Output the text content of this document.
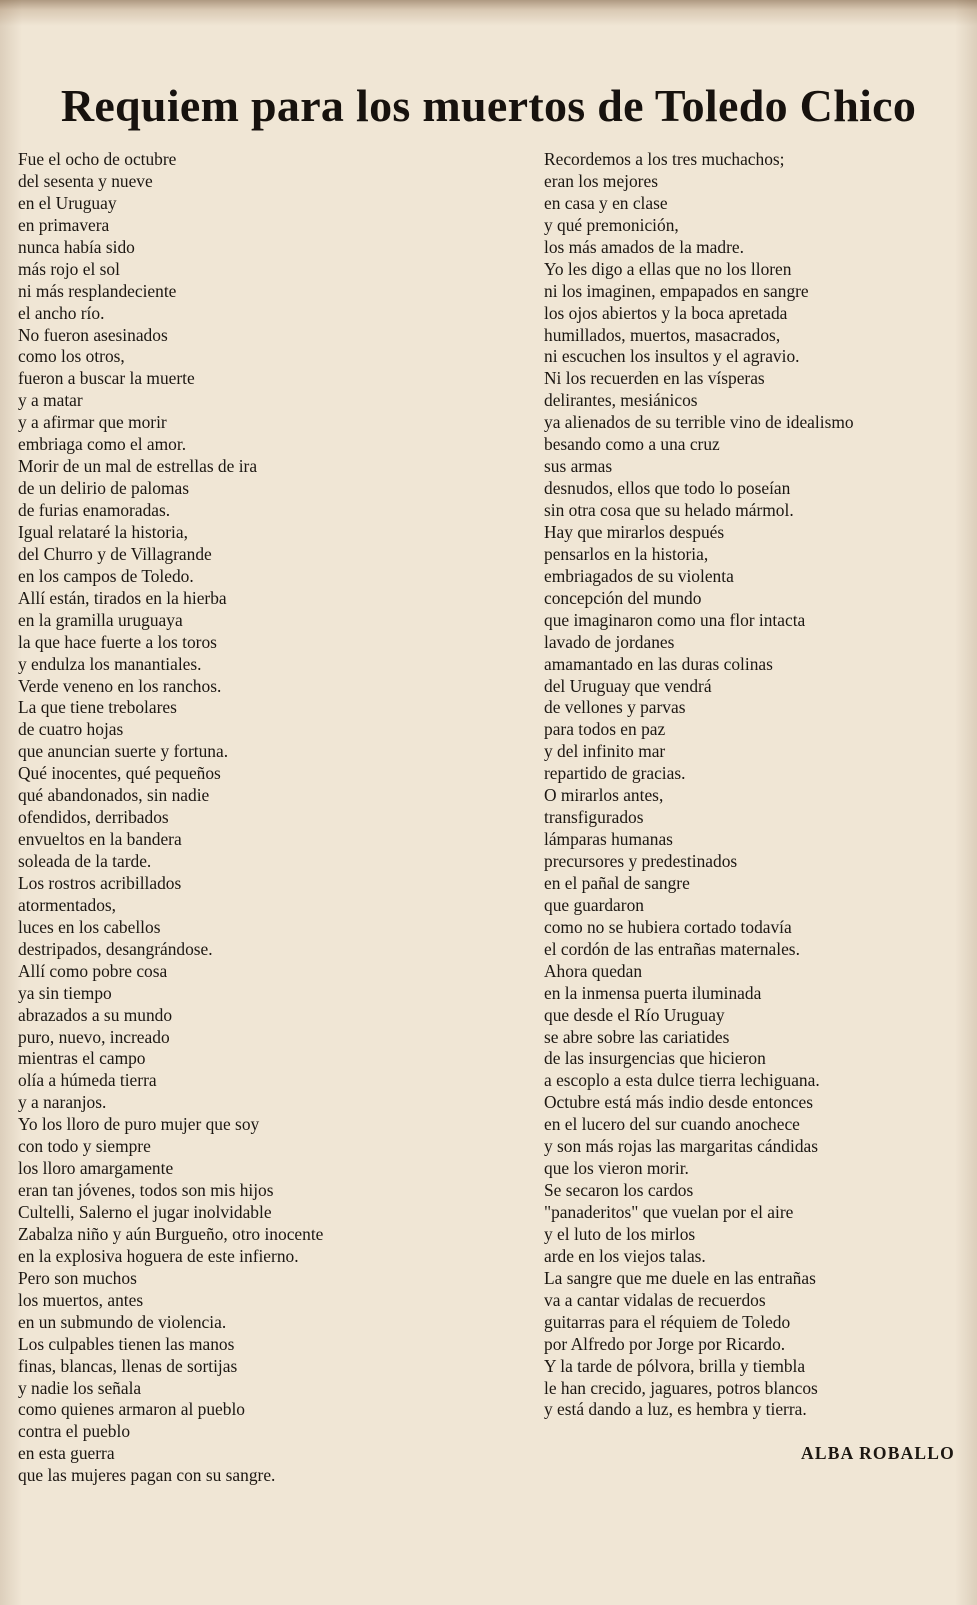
Requiem para los muertos de Toledo Chico
Fue el ocho de octubre
del sesenta y nueve
en el Uruguay
en primavera
nunca había sido
más rojo el sol
ni más resplandeciente
el ancho río.
No fueron asesinados
como los otros,
fueron a buscar la muerte
y a matar
y a afirmar que morir
embriaga como el amor.
Morir de un mal de estrellas de ira
de un delirio de palomas
de furias enamoradas.
Igual relataré la historia,
del Churro y de Villagrande
en los campos de Toledo.
Allí están, tirados en la hierba
en la gramilla uruguaya
la que hace fuerte a los toros
y endulza los manantiales.
Verde veneno en los ranchos.
La que tiene trebolares
de cuatro hojas
que anuncian suerte y fortuna.
Qué inocentes, qué pequeños
qué abandonados, sin nadie
ofendidos, derribados
envueltos en la bandera
soleada de la tarde.
Los rostros acribillados
atormentados,
luces en los cabellos
destripados, desangrándose.
Allí como pobre cosa
ya sin tiempo
abrazados a su mundo
puro, nuevo, increado
mientras el campo
olía a húmeda tierra
y a naranjos.
Yo los lloro de puro mujer que soy
con todo y siempre
los lloro amargamente
eran tan jóvenes, todos son mis hijos
Cultelli, Salerno el jugar inolvidable
Zabalza niño y aún Burgueño, otro inocente
en la explosiva hoguera de este infierno.
Pero son muchos
los muertos, antes
en un submundo de violencia.
Los culpables tienen las manos
finas, blancas, llenas de sortijas
y nadie los señala
como quienes armaron al pueblo
contra el pueblo
en esta guerra
que las mujeres pagan con su sangre.
Recordemos a los tres muchachos;
eran los mejores
en casa y en clase
y qué premonición,
los más amados de la madre.
Yo les digo a ellas que no los lloren
ni los imaginen, empapados en sangre
los ojos abiertos y la boca apretada
humillados, muertos, masacrados,
ni escuchen los insultos y el agravio.
Ni los recuerden en las vísperas
delirantes, mesiánicos
ya alienados de su terrible vino de idealismo
besando como a una cruz
sus armas
desnudos, ellos que todo lo poseían
sin otra cosa que su helado mármol.
Hay que mirarlos después
pensarlos en la historia,
embriagados de su violenta
concepción del mundo
que imaginaron como una flor intacta
lavado de jordanes
amamantado en las duras colinas
del Uruguay que vendrá
de vellones y parvas
para todos en paz
y del infinito mar
repartido de gracias.
O mirarlos antes,
transfigurados
lámparas humanas
precursores y predestinados
en el pañal de sangre
que guardaron
como no se hubiera cortado todavía
el cordón de las entrañas maternales.
Ahora quedan
en la inmensa puerta iluminada
que desde el Río Uruguay
se abre sobre las cariatides
de las insurgencias que hicieron
a escoplo a esta dulce tierra lechiguana.
Octubre está más indio desde entonces
en el lucero del sur cuando anochece
y son más rojas las margaritas cándidas
que los vieron morir.
Se secaron los cardos
"panaderitos" que vuelan por el aire
y el luto de los mirlos
arde en los viejos talas.
La sangre que me duele en las entrañas
va a cantar vidalas de recuerdos
guitarras para el réquiem de Toledo
por Alfredo por Jorge por Ricardo.
Y la tarde de pólvora, brilla y tiembla
le han crecido, jaguares, potros blancos
y está dando a luz, es hembra y tierra.
ALBA ROBALLO
